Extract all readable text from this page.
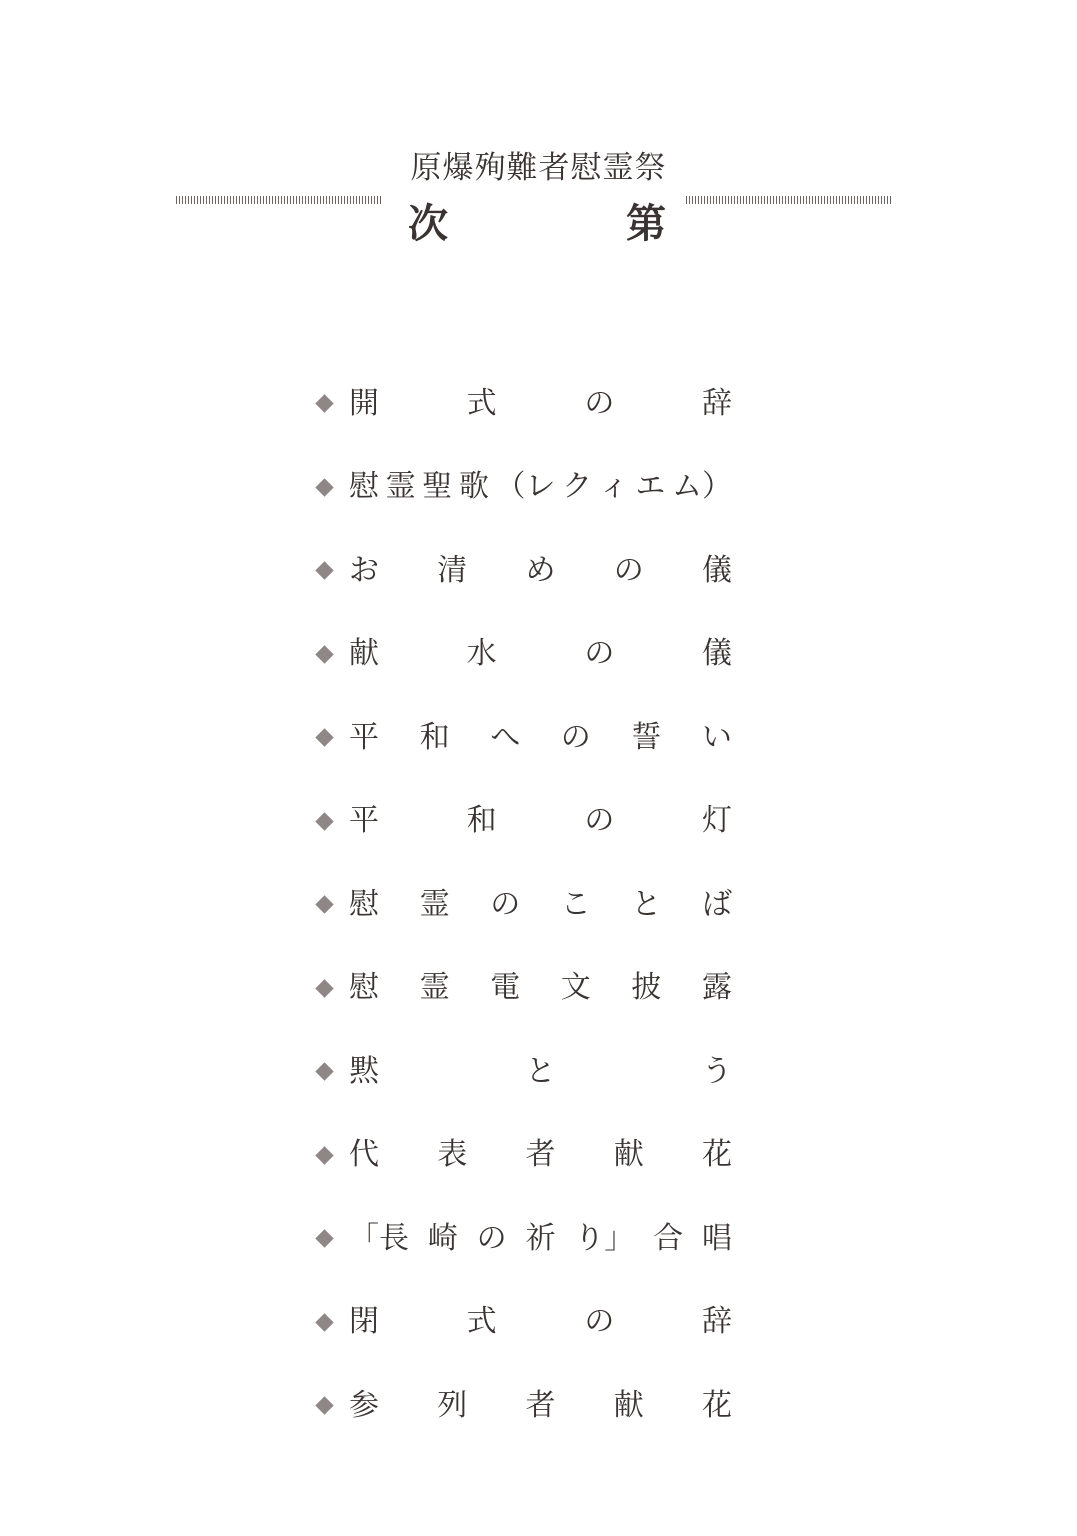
原爆殉難者慰霊祭
次	第
開	式	の	辞
慰 霊 聖 歌 （レ ク ィ エ ム）
お 清 め の 儀
献	水	の	儀
平 和 へ の 誓 い
平	和	の	灯
慰 霊 の こ と ば
慰 霊 電 文 披 露
黙	と	う
代 表 者 献 花
「長 崎 の 祈 り」 合 唱
閉	式	の	辞
参 列 者 献 花
